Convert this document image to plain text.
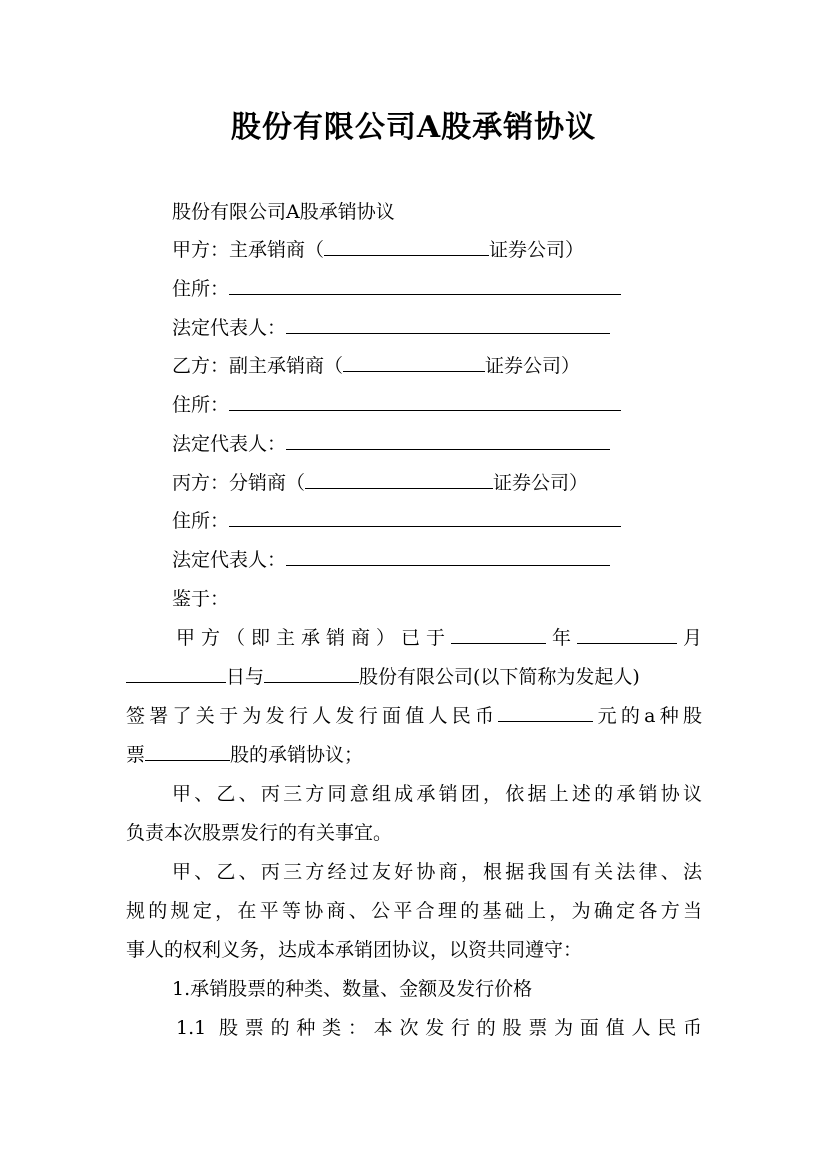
股份有限公司A股承销协议
股份有限公司A股承销协议
甲方：主承销商（	证券公司）
住所：
法定代表人：
乙方：副主承销商（	证券公司）
住所：
法定代表人：
丙方：分销商（	证券公司）
住所：
法定代表人：
鉴于：
甲方（即主承销商）已于	年	月
日与	股份有限公司(以下简称为发起人)
签署了关于为发行人发行面值人民币	元的a种股
票	股的承销协议；
甲、乙、丙三方同意组成承销团，依据上述的承销协议
负责本次股票发行的有关事宜。
甲、乙、丙三方经过友好协商，根据我国有关法律、法
规的规定，在平等协商、公平合理的基础上，为确定各方当
事人的权利义务，达成本承销团协议，以资共同遵守：
1.承销股票的种类、数量、金额及发行价格
1.1 股票的种类：本次发行的股票为面值人民币
